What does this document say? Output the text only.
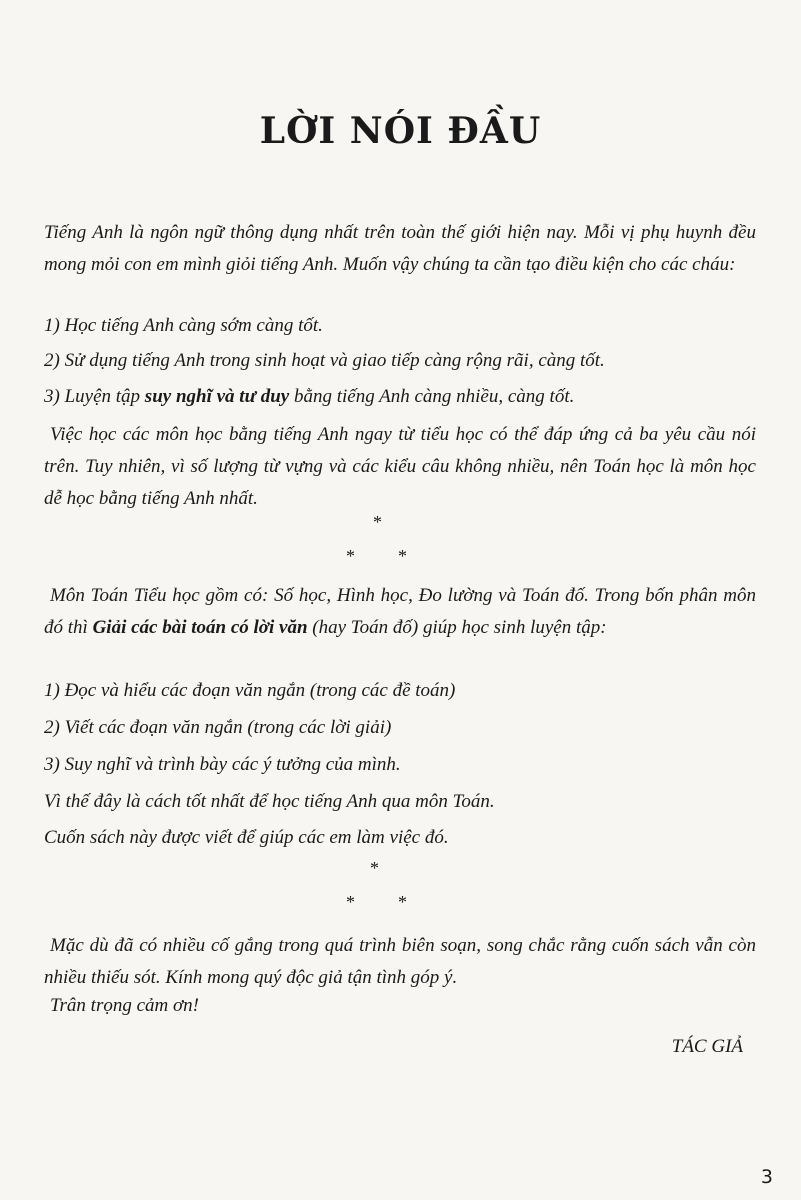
LỜI NÓI ĐẦU
Tiếng Anh là ngôn ngữ thông dụng nhất trên toàn thế giới hiện nay. Mỗi vị phụ huynh đều mong mỏi con em mình giỏi tiếng Anh. Muốn vậy chúng ta cần tạo điều kiện cho các cháu:
1) Học tiếng Anh càng sớm càng tốt.
2) Sử dụng tiếng Anh trong sinh hoạt và giao tiếp càng rộng rãi, càng tốt.
3) Luyện tập suy nghĩ và tư duy bằng tiếng Anh càng nhiều, càng tốt.
Việc học các môn học bằng tiếng Anh ngay từ tiểu học có thể đáp ứng cả ba yêu cầu nói trên. Tuy nhiên, vì số lượng từ vựng và các kiểu câu không nhiều, nên Toán học là môn học dễ học bằng tiếng Anh nhất.
*
* *
Môn Toán Tiểu học gồm có: Số học, Hình học, Đo lường và Toán đố. Trong bốn phân môn đó thì Giải các bài toán có lời văn (hay Toán đố) giúp học sinh luyện tập:
1) Đọc và hiểu các đoạn văn ngắn (trong các đề toán)
2) Viết các đoạn văn ngắn (trong các lời giải)
3) Suy nghĩ và trình bày các ý tưởng của mình.
Vì thế đây là cách tốt nhất để học tiếng Anh qua môn Toán.
Cuốn sách này được viết để giúp các em làm việc đó.
*
* *
Mặc dù đã có nhiều cố gắng trong quá trình biên soạn, song chắc rằng cuốn sách vẫn còn nhiều thiếu sót. Kính mong quý độc giả tận tình góp ý.
Trân trọng cảm ơn!
TÁC GIẢ
3
